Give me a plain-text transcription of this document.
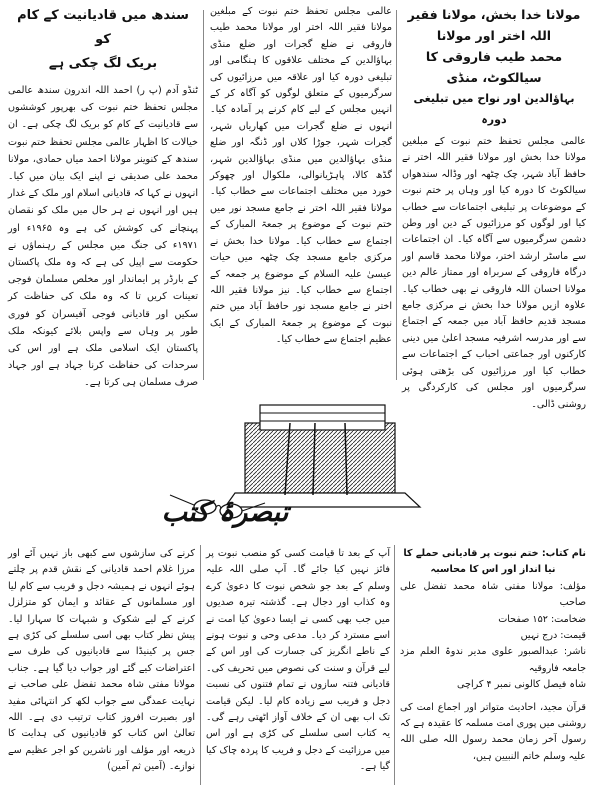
مولانا خدا بخش، مولانا فقیر اللہ اختر اور مولانا
محمد طیب فاروقی کا سیالکوٹ، منڈی
بہاؤالدین اور نواح میں تبلیغی دورہ

عالمی مجلس تحفظ ختم نبوت کے مبلغین مولانا خدا بخش اور مولانا فقیر اللہ اختر نے حافظ آباد شہر، چک چٹھہ اور وڈالہ سندھواں سیالکوٹ کا دورہ کیا اور وہاں پر ختم نبوت کے موضوعات پر تبلیغی اجتماعات سے خطاب کیا اور لوگوں کو مرزائیوں کے دین اور وطن دشمن سرگرمیوں سے آگاہ کیا۔ ان اجتماعات سے ماسٹر ارشد اختر، مولانا محمد قاسم اور درگاہ فاروقی کے سربراہ اور ممتاز عالم دین مولانا احسان اللہ فاروقی نے بھی خطاب کیا۔ علاوہ ازیں مولانا خدا بخش نے مرکزی جامع مسجد قدیم حافظ آباد میں جمعہ کے اجتماع سے اور مدرسہ اشرفیہ مسجد اعلیٰ میں دینی کارکنوں اور جماعتی احباب کے اجتماعات سے خطاب کیا اور مرزائیوں کی بڑھتی ہوئی سرگرمیوں اور مجلس کی کارکردگی پر روشنی ڈالی۔

عالمی مجلس تحفظ ختم نبوت کے مبلغین مولانا فقیر اللہ اختر اور مولانا محمد طیب فاروقی نے ضلع گجرات اور ضلع منڈی بہاؤالدین کے مختلف علاقوں کا ہنگامی اور تبلیغی دورہ کیا اور علاقہ میں مرزائیوں کی سرگرمیوں کے متعلق لوگوں کو آگاہ کر کے انہیں مجلس کے لیے کام کرنے پر آمادہ کیا۔ انہوں نے ضلع گجرات میں کھاریاں شہر، گجرات شہر، جوڑا کلاں اور ڈنگہ اور ضلع منڈی بہاؤالدین میں منڈی بہاؤالدین شہر، گڈھ کالا، پاہڑیانوالی، ملکوال اور چھوکر خورد میں مختلف اجتماعات سے خطاب کیا۔ مولانا فقیر اللہ اختر نے جامع مسجد نور میں ختم نبوت کے موضوع پر جمعۃ المبارک کے اجتماع سے خطاب کیا۔ مولانا خدا بخش نے مرکزی جامع مسجد چک چٹھہ میں حیات عیسیٰ علیہ السلام کے موضوع پر جمعہ کے اجتماع سے خطاب کیا۔ نیز مولانا فقیر اللہ اختر نے جامع مسجد نور حافظ آباد میں ختم نبوت کے موضوع پر جمعۃ المبارک کے ایک عظیم اجتماع سے خطاب کیا۔

سندھ میں قادیانیت کے کام کو
بریک لگ چکی ہے

ٹنڈو آدم (پ ر) احمد اللہ اندرون سندھ عالمی مجلس تحفظ ختم نبوت کی بھرپور کوششوں سے قادیانیت کے کام کو بریک لگ چکی ہے۔ ان خیالات کا اظہار عالمی مجلس تحفظ ختم نبوت سندھ کے کنوینر مولانا احمد میاں حمادی، مولانا محمد علی صدیقی نے اپنے ایک بیان میں کیا۔ انہوں نے کہا کہ قادیانی اسلام اور ملک کے غدار ہیں اور انہوں نے ہر حال میں ملک کو نقصان پہنچانے کی کوشش کی ہے وہ ۱۹۶۵ء اور ۱۹۷۱ء کی جنگ میں مجلس کے رہنماؤں نے حکومت سے اپیل کی ہے کہ وہ ملک پاکستان کے بارڈر پر ایماندار اور مخلص مسلمان فوجی تعینات کریں تا کہ وہ ملک کی حفاظت کر سکیں اور قادیانی فوجی آفیسران کو فوری طور پر وہاں سے واپس بلائے کیونکہ ملک پاکستان ایک اسلامی ملک ہے اور اس کی سرحدات کی حفاظت کرنا جہاد ہے اور جہاد صرف مسلمان ہی کرتا ہے۔

تبصرۂ کتب

نام کتاب: ختم نبوت پر قادیانی حملے کا

نیا انداز اور اس کا محاسبہ

مؤلف: مولانا مفتی شاہ محمد تفضل علی صاحب

ضخامت: ۱۵۲ صفحات

قیمت: درج نہیں

ناشر: عبدالصبور علوی مدیر ندوۃ العلم مزد جامعہ فاروقیہ

شاہ فیصل کالونی نمبر ۴ کراچی

قرآن مجید، احادیث متواتر اور اجماع امت کی روشنی میں پوری امت مسلمہ کا عقیدہ ہے کہ رسول آخر زمان محمد رسول اللہ صلی اللہ علیہ وسلم خاتم النبیین ہیں،

آپ کے بعد تا قیامت کسی کو منصب نبوت پر فائز نہیں کیا جائے گا۔ آپ صلی اللہ علیہ وسلم کے بعد جو شخص نبوت کا دعویٰ کرے وہ کذاب اور دجال ہے۔ گذشتہ تیرہ صدیوں میں جب بھی کسی نے ایسا دعویٰ کیا امت نے اسے مسترد کر دیا۔ مدعی وحی و نبوت ہونے کے ناطے انگریز کی جسارت کی اور اس کے لیے قرآن و سنت کی نصوص میں تحریف کی۔ قادیانی فتنہ سازوں نے تمام فتنوں کی نسبت دجل و فریب سے زیادہ کام لیا۔ لیکن قیامت تک اب بھی ان کے خلاف آواز اٹھتی رہے گی۔ یہ کتاب اسی سلسلے کی کڑی ہے اور اس میں مرزائیت کے دجل و فریب کا پردہ چاک کیا گیا ہے۔

کرنے کی سازشوں سے کبھی باز نہیں آئے اور مرزا غلام احمد قادیانی کے نقش قدم پر چلتے ہوئے انہوں نے ہمیشہ دجل و فریب سے کام لیا اور مسلمانوں کے عقائد و ایمان کو متزلزل کرنے کے لیے شکوک و شبہات کا سہارا لیا۔ پیش نظر کتاب بھی اسی سلسلے کی کڑی ہے جس پر کینیڈا سے قادیانیوں کی طرف سے اعتراضات کیے گئے اور جواب دیا گیا ہے۔ جناب مولانا مفتی شاہ محمد تفضل علی صاحب نے نہایت عمدگی سے جواب لکھ کر انتہائی مفید اور بصیرت افروز کتاب ترتیب دی ہے۔ اللہ تعالیٰ اس کتاب کو قادیانیوں کی ہدایت کا ذریعہ اور مؤلف اور ناشرین کو اجر عظیم سے نوازے۔ (آمین ثم آمین)
